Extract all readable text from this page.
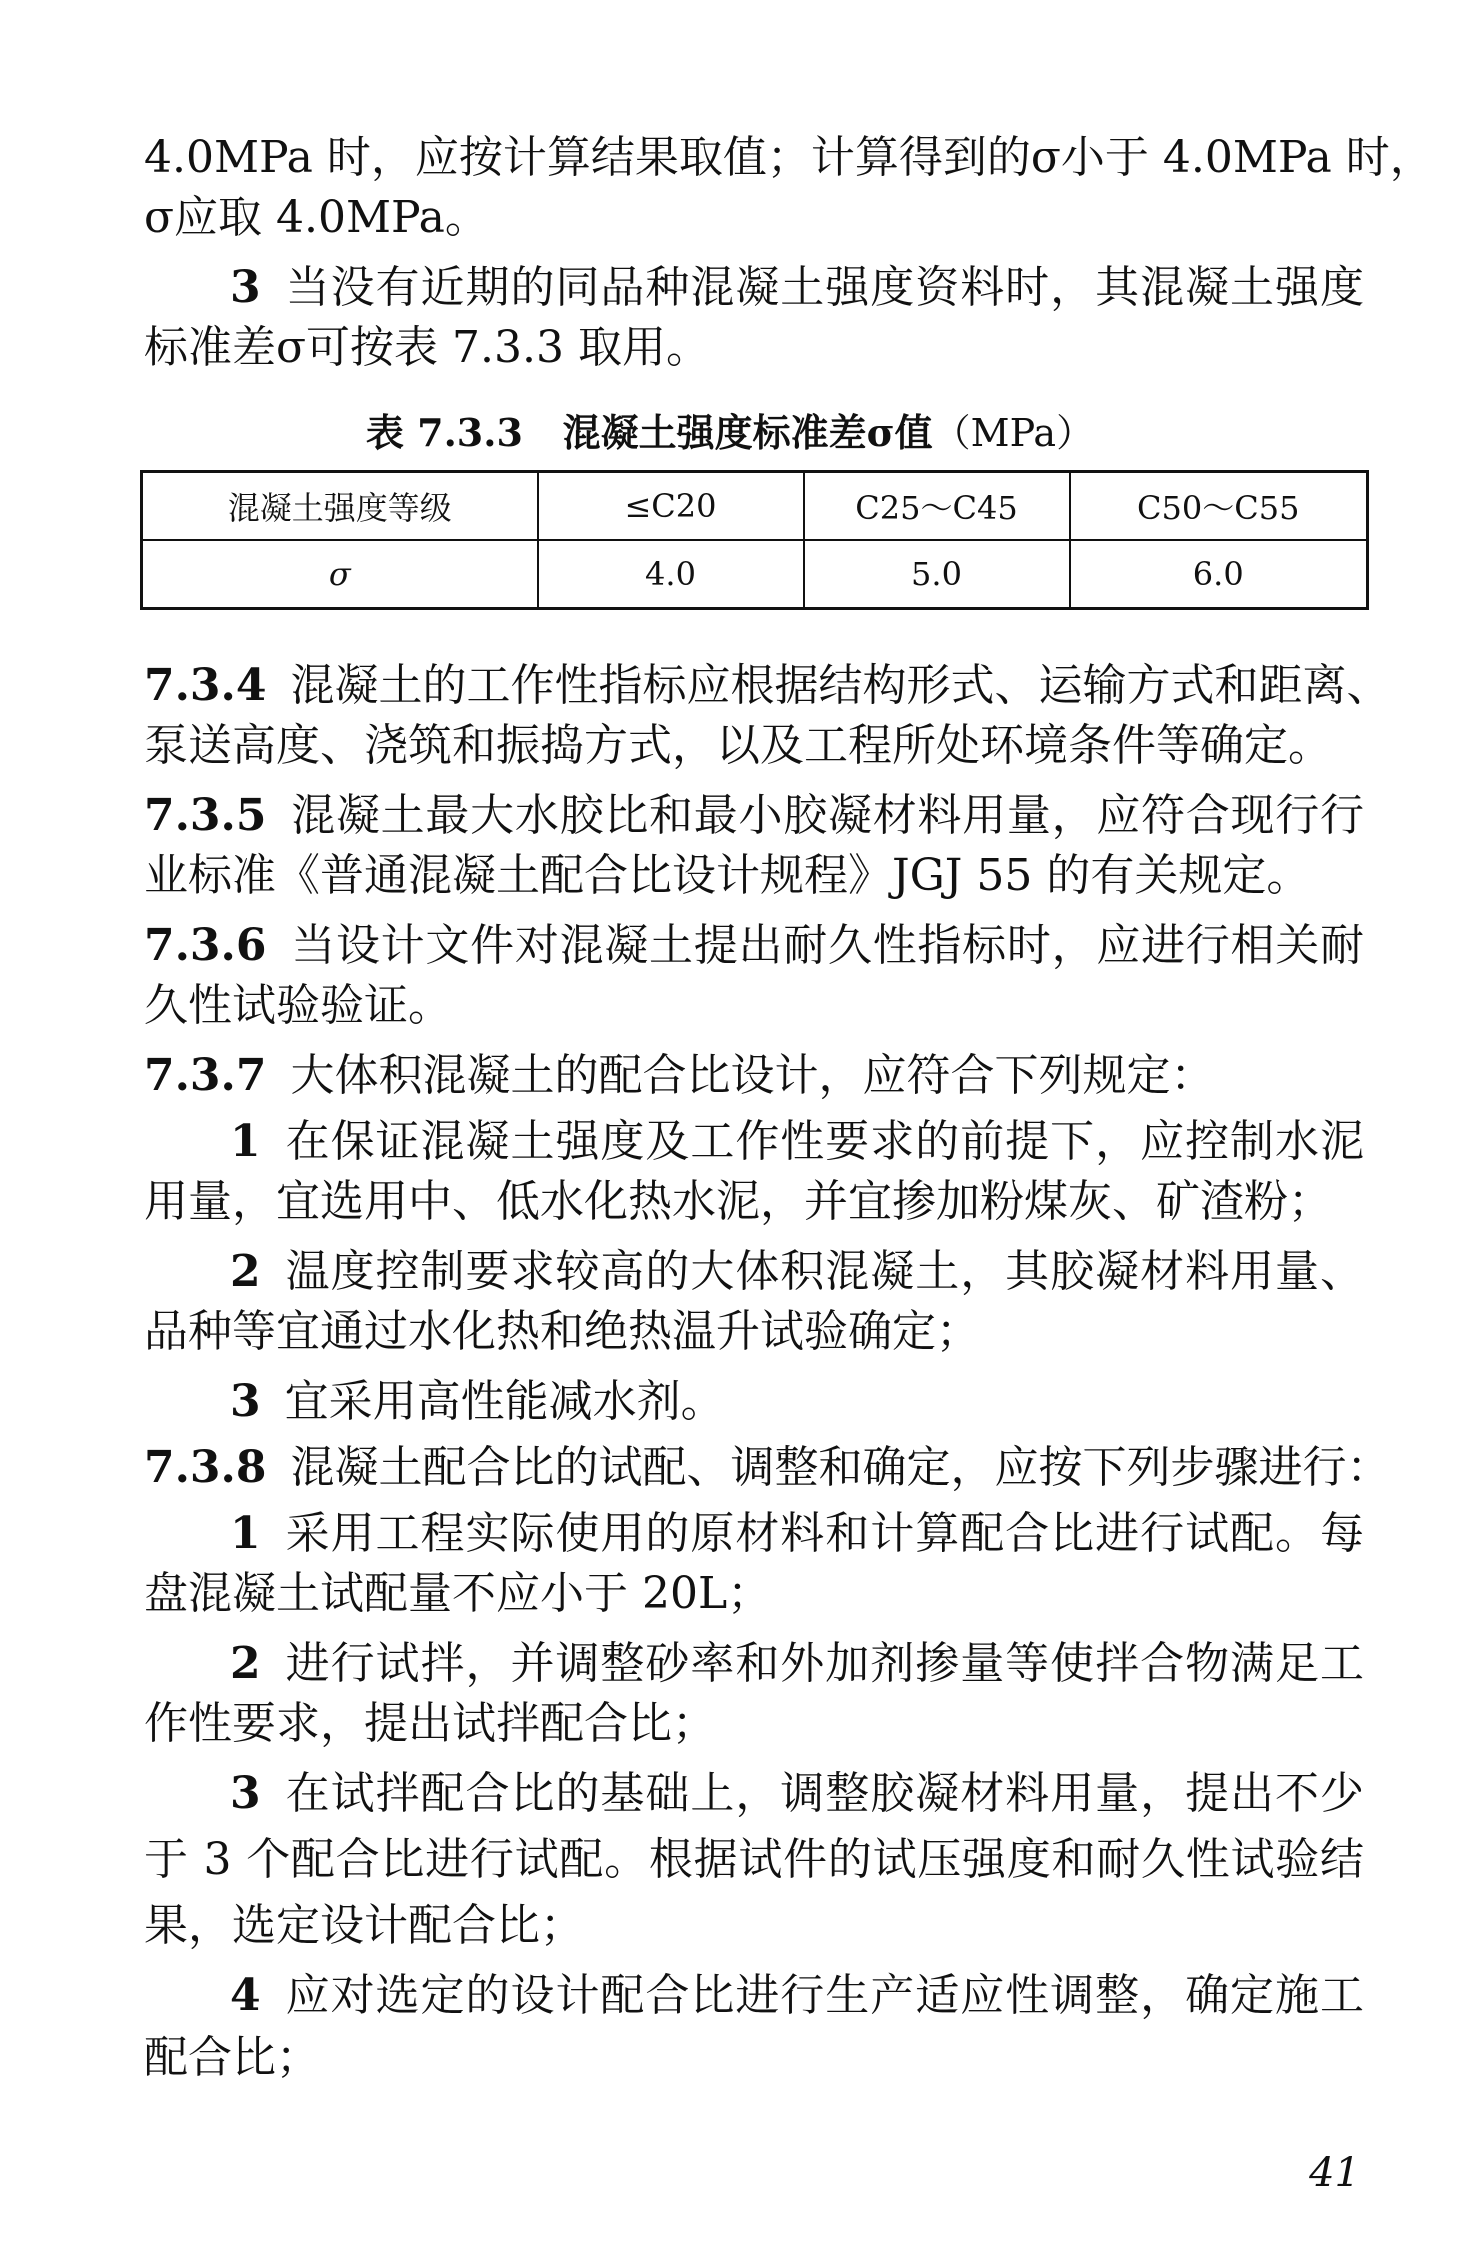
4.0MPa 时，应按计算结果取值；计算得到的σ小于 4.0MPa 时，
σ应取 4.0MPa。
3 当没有近期的同品种混凝土强度资料时，其混凝土强度
标准差σ可按表 7.3.3 取用。
表 7.3.3 混凝土强度标准差σ值（MPa）
混凝土强度等级	≤C20	C25～C45	C50～C55
σ	4.0	5.0	6.0
7.3.4 混凝土的工作性指标应根据结构形式、运输方式和距离、
泵送高度、浇筑和振捣方式，以及工程所处环境条件等确定。
7.3.5 混凝土最大水胶比和最小胶凝材料用量，应符合现行行
业标准《普通混凝土配合比设计规程》JGJ 55 的有关规定。
7.3.6 当设计文件对混凝土提出耐久性指标时，应进行相关耐
久性试验验证。
7.3.7 大体积混凝土的配合比设计，应符合下列规定：
1 在保证混凝土强度及工作性要求的前提下，应控制水泥
用量，宜选用中、低水化热水泥，并宜掺加粉煤灰、矿渣粉；
2 温度控制要求较高的大体积混凝土，其胶凝材料用量、
品种等宜通过水化热和绝热温升试验确定；
3 宜采用高性能减水剂。
7.3.8 混凝土配合比的试配、调整和确定，应按下列步骤进行：
1 采用工程实际使用的原材料和计算配合比进行试配。每
盘混凝土试配量不应小于 20L；
2 进行试拌，并调整砂率和外加剂掺量等使拌合物满足工
作性要求，提出试拌配合比；
3 在试拌配合比的基础上，调整胶凝材料用量，提出不少
于 3 个配合比进行试配。根据试件的试压强度和耐久性试验结
果，选定设计配合比；
4 应对选定的设计配合比进行生产适应性调整，确定施工
配合比；
41
